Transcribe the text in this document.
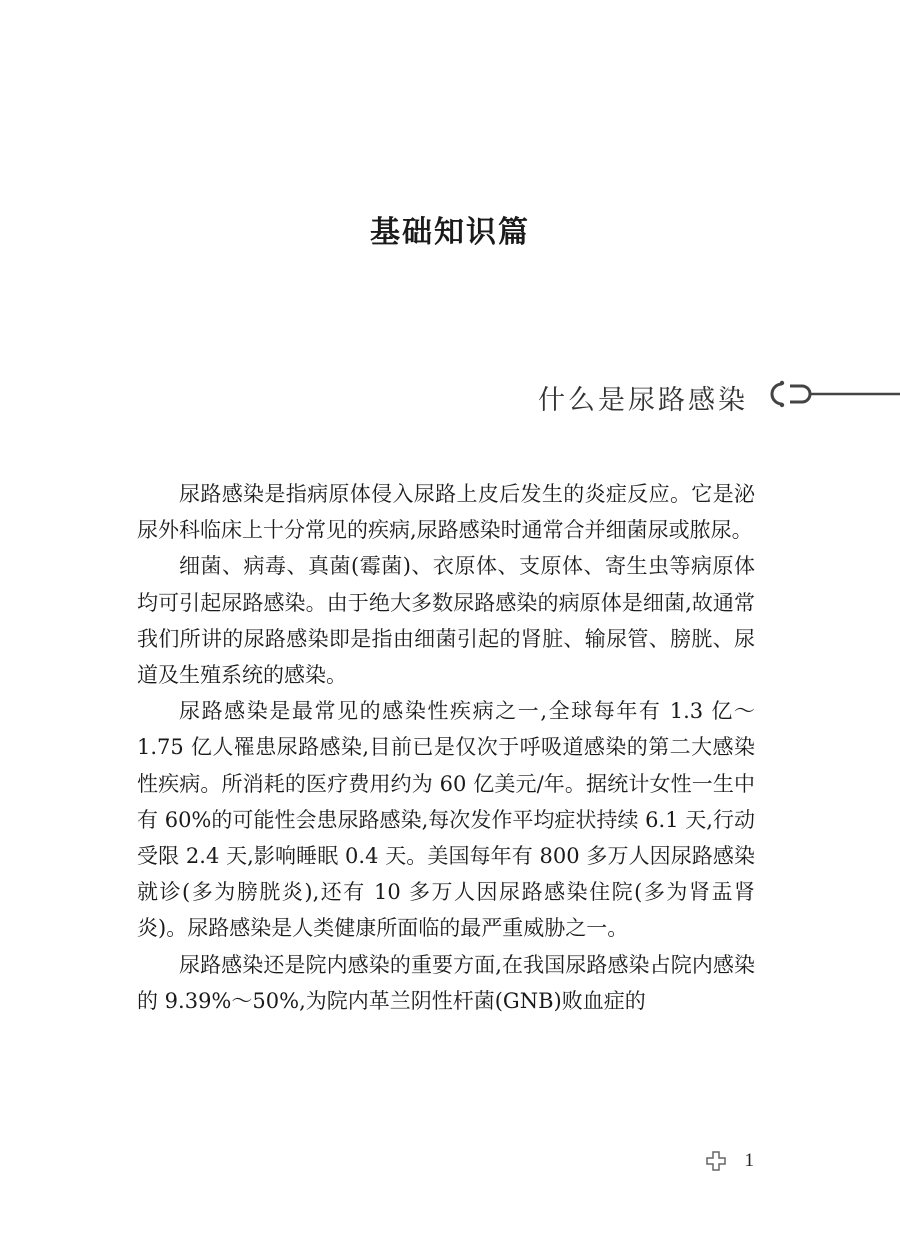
基础知识篇
什么是尿路感染

尿路感染是指病原体侵入尿路上皮后发生的炎症反应。它是泌尿外科临床上十分常见的疾病,尿路感染时通常合并细菌尿或脓尿。

细菌、病毒、真菌(霉菌)、衣原体、支原体、寄生虫等病原体均可引起尿路感染。由于绝大多数尿路感染的病原体是细菌,故通常我们所讲的尿路感染即是指由细菌引起的肾脏、输尿管、膀胱、尿道及生殖系统的感染。

尿路感染是最常见的感染性疾病之一,全球每年有 1.3 亿～1.75 亿人罹患尿路感染,目前已是仅次于呼吸道感染的第二大感染性疾病。所消耗的医疗费用约为 60 亿美元/年。据统计女性一生中有 60%的可能性会患尿路感染,每次发作平均症状持续 6.1 天,行动受限 2.4 天,影响睡眠 0.4 天。美国每年有 800 多万人因尿路感染就诊(多为膀胱炎),还有 10 多万人因尿路感染住院(多为肾盂肾炎)。尿路感染是人类健康所面临的最严重威胁之一。

尿路感染还是院内感染的重要方面,在我国尿路感染占院内感染的 9.39%～50%,为院内革兰阴性杆菌(GNB)败血症的

1
